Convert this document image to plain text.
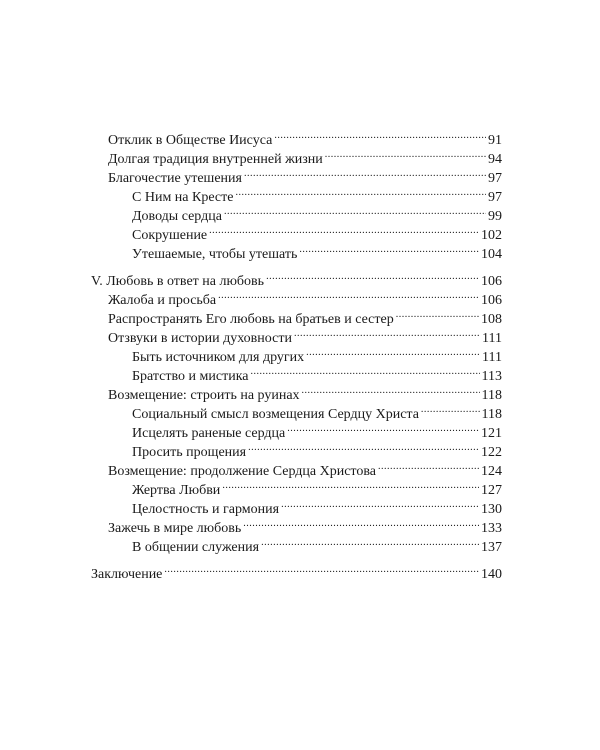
Отклик в Обществе Иисуса .....	91
Долгая традиция внутренней жизни .....	94
Благочестие утешения .....	97
С Ним на Кресте .....	97
Доводы сердца .....	99
Сокрушение .....	102
Утешаемые, чтобы утешать .....	104
V. Любовь в ответ на любовь .....	106
Жалоба и просьба .....	106
Распространять Его любовь на братьев и сестер .....	108
Отзвуки в истории духовности .....	111
Быть источником для других .....	111
Братство и мистика .....	113
Возмещение: строить на руинах .....	118
Социальный смысл возмещения Сердцу Христа .....	118
Исцелять раненые сердца .....	121
Просить прощения .....	122
Возмещение: продолжение Сердца Христова .....	124
Жертва Любви .....	127
Целостность и гармония .....	130
Зажечь в мире любовь .....	133
В общении служения .....	137
Заключение .....	140
